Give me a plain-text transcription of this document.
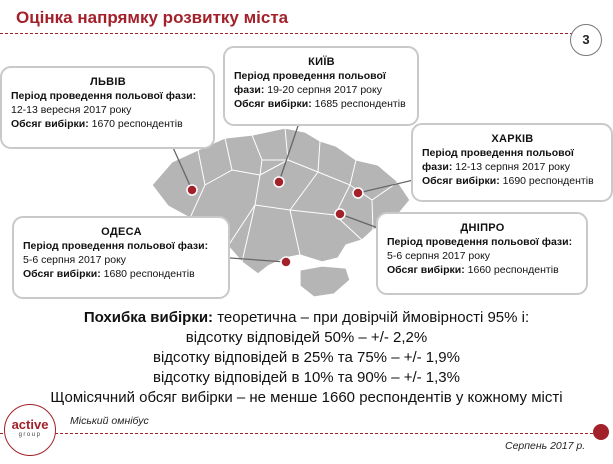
Оцінка напрямку розвитку міста
3
ЛЬВІВ
Період проведення польової фази: 12-13 вересня 2017 року
Обсяг вибірки: 1670 респондентів
КИЇВ
Період проведення польової фази: 19-20 серпня 2017 року
Обсяг вибірки: 1685 респондентів
ХАРКІВ
Період проведення польової фази: 12-13 серпня 2017 року
Обсяг вибірки: 1690 респондентів
ОДЕСА
Період проведення польової фази: 5-6 серпня 2017 року
Обсяг вибірки: 1680 респондентів
ДНІПРО
Період проведення польової фази: 5-6 серпня 2017 року
Обсяг вибірки: 1660 респондентів
Похибка вибірки: теоретична – при довірчій ймовірності 95% і:
відсотку відповідей 50% – +/- 2,2%
відсотку відповідей в 25% та 75% – +/- 1,9%
відсотку відповідей в 10% та 90% – +/- 1,3%
Щомісячний обсяг вибірки – не менше 1660 респондентів у кожному місті
active
group
Міський омнібус
Серпень 2017 р.
